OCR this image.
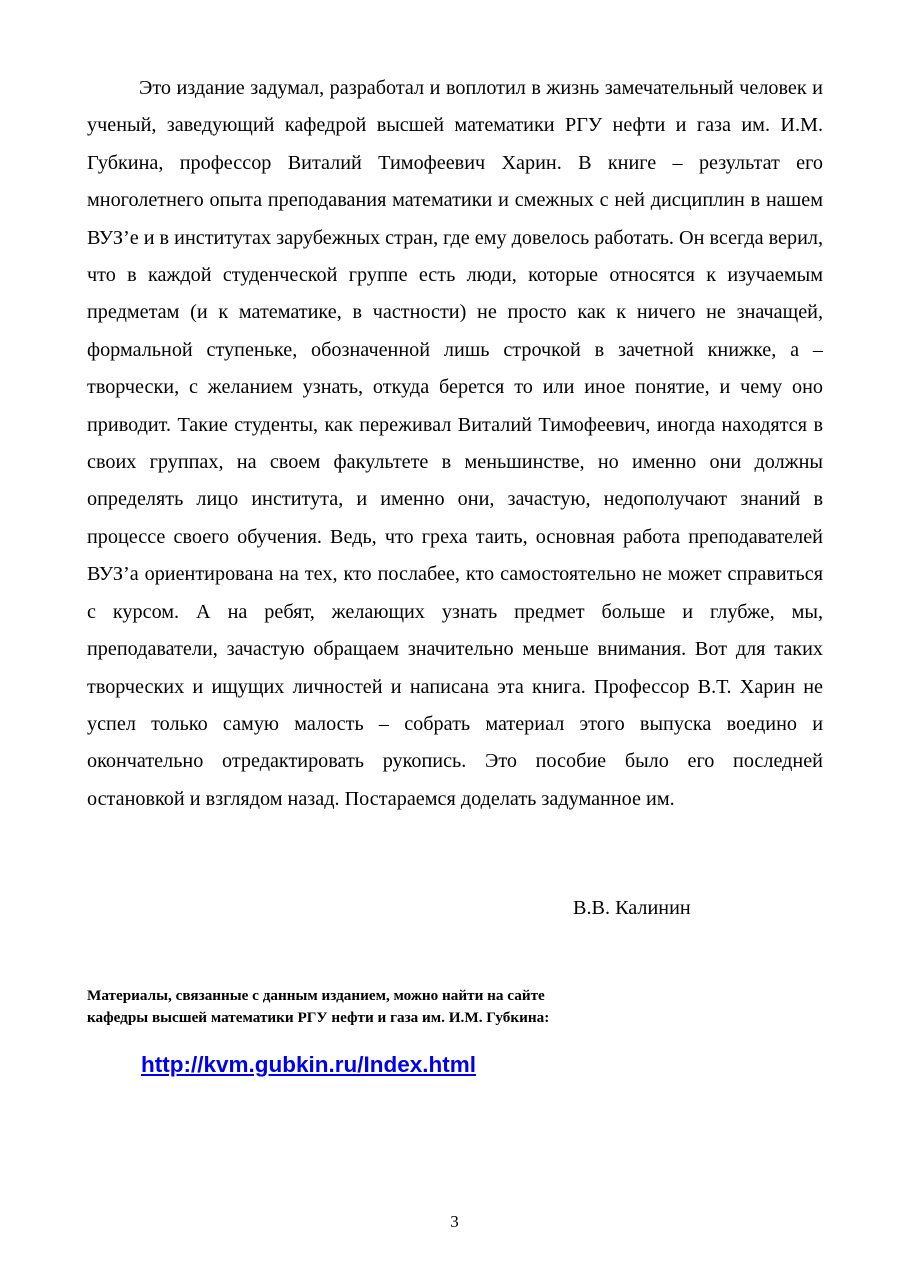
Это издание задумал, разработал и воплотил в жизнь замечательный человек и ученый, заведующий кафедрой высшей математики РГУ нефти и газа им. И.М. Губкина, профессор Виталий Тимофеевич Харин. В книге – результат его многолетнего опыта преподавания математики и смежных с ней дисциплин в нашем ВУЗ’е и в институтах зарубежных стран, где ему довелось работать. Он всегда верил, что в каждой студенческой группе есть люди, которые относятся к изучаемым предметам (и к математике, в частности) не просто как к ничего не значащей, формальной ступеньке, обозначенной лишь строчкой в зачетной книжке, а – творчески, с желанием узнать, откуда берется то или иное понятие, и чему оно приводит. Такие студенты, как переживал Виталий Тимофеевич, иногда находятся в своих группах, на своем факультете в меньшинстве, но именно они должны определять лицо института, и именно они, зачастую, недополучают знаний в процессе своего обучения. Ведь, что греха таить, основная работа преподавателей ВУЗ’а ориентирована на тех, кто послабее, кто самостоятельно не может справиться с курсом. А на ребят, желающих узнать предмет больше и глубже, мы, преподаватели, зачастую обращаем значительно меньше внимания. Вот для таких творческих и ищущих личностей и написана эта книга. Профессор В.Т. Харин не успел только самую малость – собрать материал этого выпуска воедино и окончательно отредактировать рукопись. Это пособие было его последней остановкой и взглядом назад. Постараемся доделать задуманное им.

В.В. Калинин

Материалы, связанные с данным изданием, можно найти на сайте
кафедры высшей математики РГУ нефти и газа им. И.М. Губкина:

http://kvm.gubkin.ru/Index.html

3
